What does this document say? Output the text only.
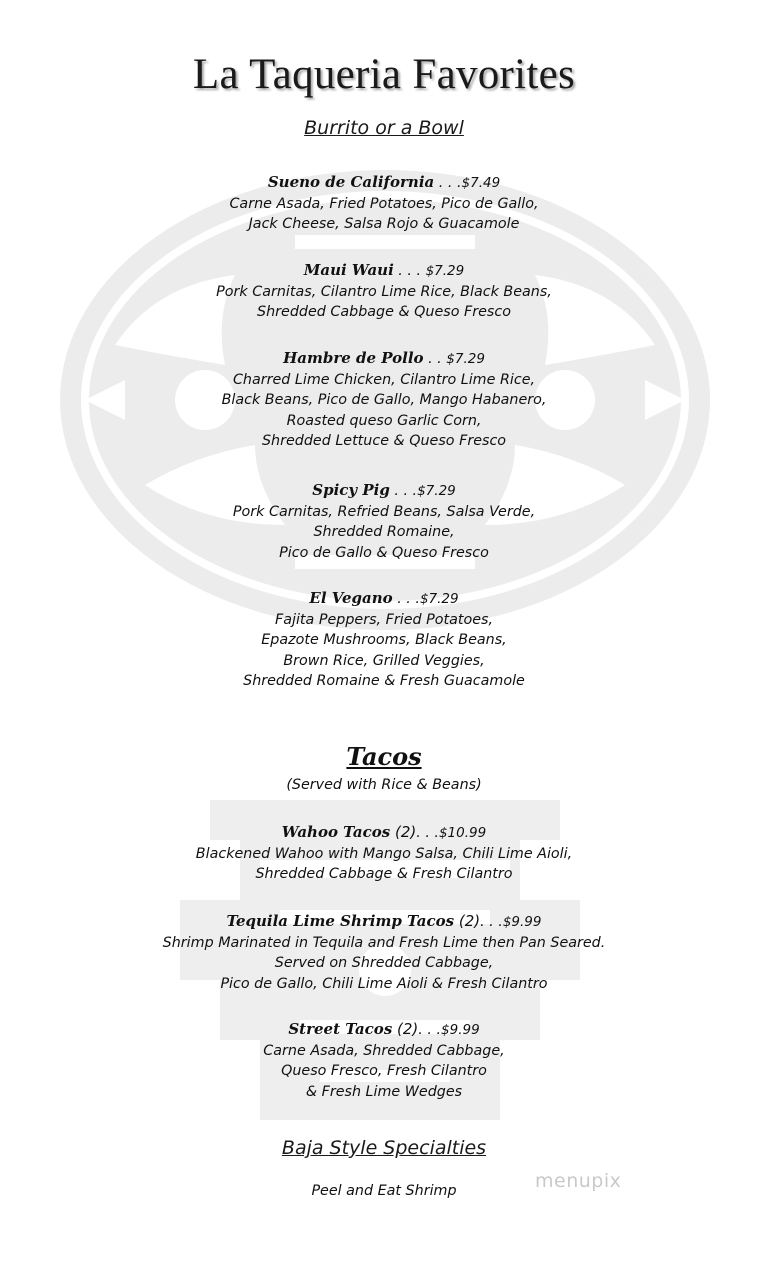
La Taqueria Favorites
Burrito or a Bowl
Sueno de California . . .$7.49
Carne Asada, Fried Potatoes, Pico de Gallo,
Jack Cheese, Salsa Rojo & Guacamole
Maui Waui . . . $7.29
Pork Carnitas, Cilantro Lime Rice, Black Beans,
Shredded Cabbage & Queso Fresco
Hambre de Pollo . . $7.29
Charred Lime Chicken, Cilantro Lime Rice,
Black Beans, Pico de Gallo, Mango Habanero,
Roasted queso Garlic Corn,
Shredded Lettuce & Queso Fresco
Spicy Pig . . .$7.29
Pork Carnitas, Refried Beans, Salsa Verde,
Shredded Romaine,
Pico de Gallo & Queso Fresco
El Vegano . . .$7.29
Fajita Peppers, Fried Potatoes,
Epazote Mushrooms, Black Beans,
Brown Rice, Grilled Veggies,
Shredded Romaine & Fresh Guacamole
Tacos
(Served with Rice & Beans)
Wahoo Tacos (2). . .$10.99
Blackened Wahoo with Mango Salsa, Chili Lime Aioli,
Shredded Cabbage & Fresh Cilantro
Tequila Lime Shrimp Tacos (2). . .$9.99
Shrimp Marinated in Tequila and Fresh Lime then Pan Seared.
Served on Shredded Cabbage,
Pico de Gallo, Chili Lime Aioli & Fresh Cilantro
Street Tacos (2). . .$9.99
Carne Asada, Shredded Cabbage,
Queso Fresco, Fresh Cilantro
& Fresh Lime Wedges
Baja Style Specialties
Peel and Eat Shrimp	menupix
